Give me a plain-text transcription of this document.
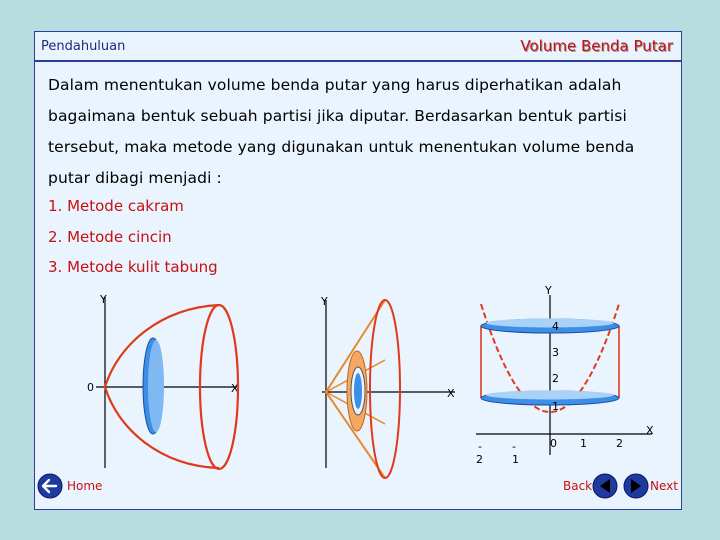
Pendahuluan	Volume Benda Putar
Dalam menentukan volume benda putar yang harus diperhatikan adalah bagaimana bentuk sebuah partisi jika diputar. Berdasarkan bentuk partisi tersebut, maka metode yang digunakan untuk menentukan volume benda putar dibagi menjadi :
1. Metode cakram
2. Metode cincin
3. Metode kulit tabung
Y
X
0
Y
X
Y
X
4
3
2
1
-
2
-
1
0 1	2
Home	Back	Next
